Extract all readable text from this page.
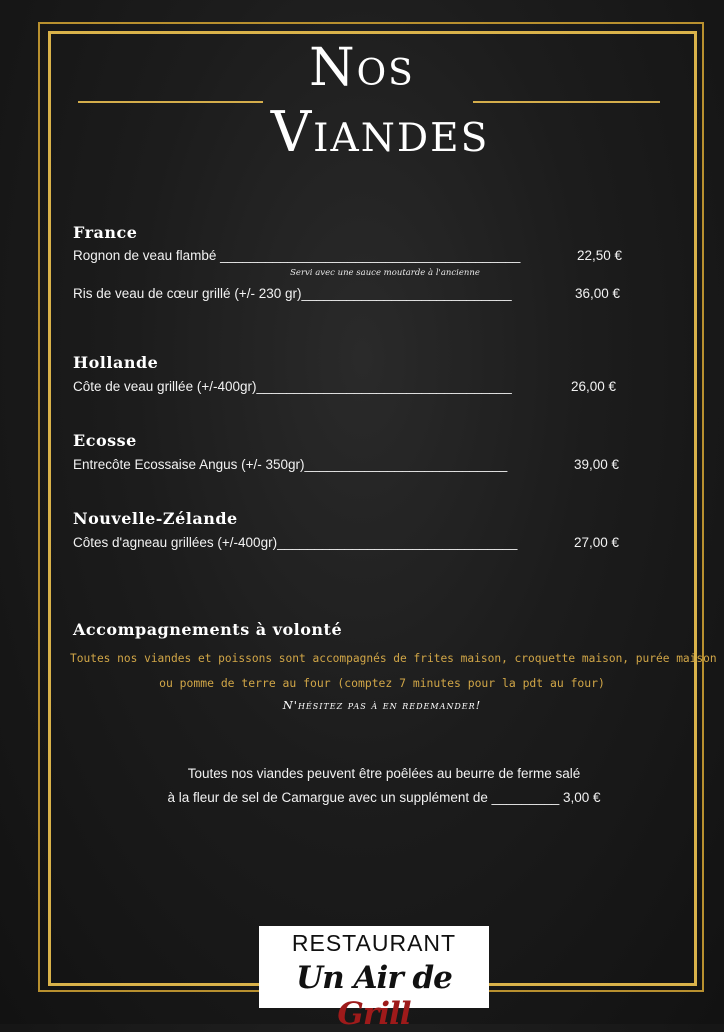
Nos
Viandes
France
Rognon de veau flambé ________________________________________	22,50 €
Servi avec une sauce moutarde à l'ancienne
Ris de veau de cœur grillé (+/- 230 gr)____________________________	36,00 €
Hollande
Côte de veau grillée (+/-400gr)__________________________________	26,00 €
Ecosse
Entrecôte Ecossaise Angus (+/- 350gr)___________________________	39,00 €
Nouvelle-Zélande
Côtes d'agneau grillées (+/-400gr)________________________________	27,00 €
Accompagnements à volonté
Toutes nos viandes et poissons sont accompagnés de frites maison, croquette maison, purée maison
ou pomme de terre au four (comptez 7 minutes pour la pdt au four)
N'hésitez pas à en redemander!
Toutes nos viandes peuvent être poêlées au beurre de ferme salé
à la fleur de sel de Camargue avec un supplément de _________ 3,00 €
RESTAURANT
Un Air de Grill
